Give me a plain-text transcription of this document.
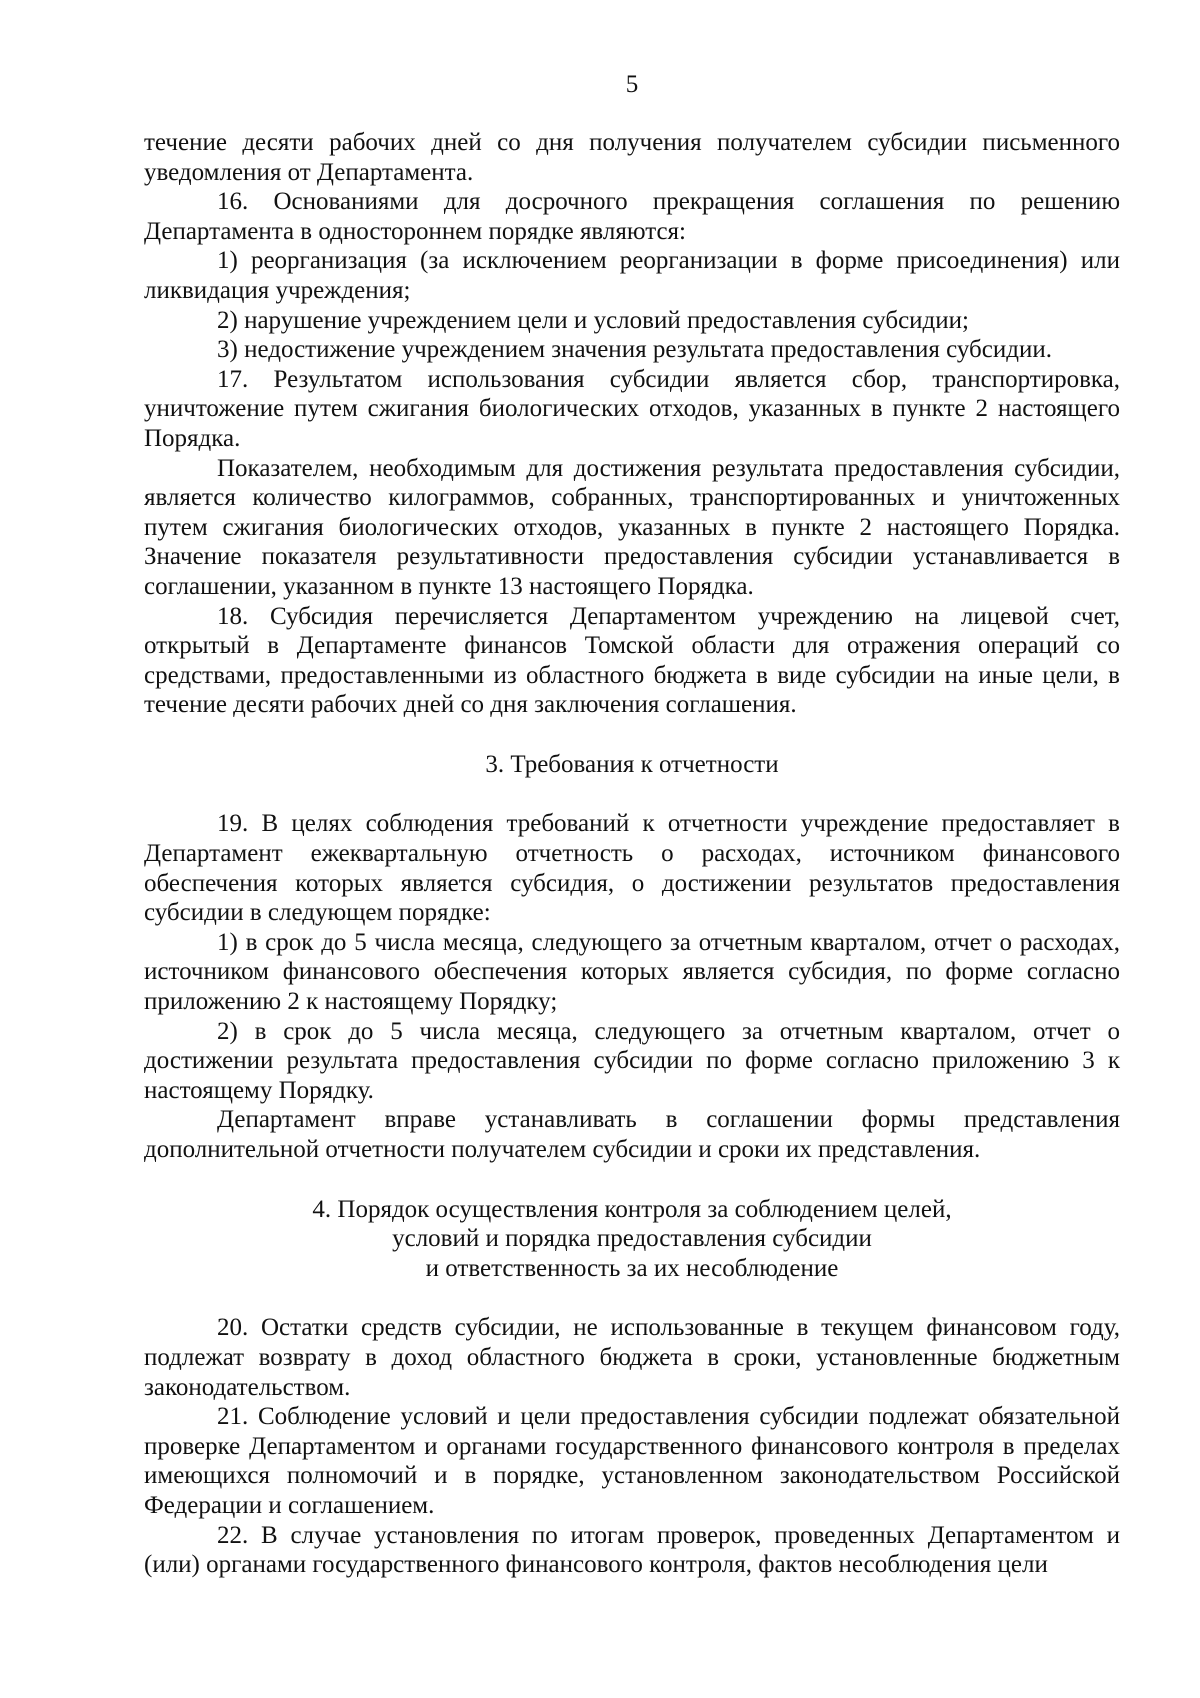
5

течение десяти рабочих дней со дня получения получателем субсидии письменного уведомления от Департамента.

16. Основаниями для досрочного прекращения соглашения по решению Департамента в одностороннем порядке являются:

1) реорганизация (за исключением реорганизации в форме присоединения) или ликвидация учреждения;

2) нарушение учреждением цели и условий предоставления субсидии;

3) недостижение учреждением значения результата предоставления субсидии.

17. Результатом использования субсидии является сбор, транспортировка, уничтожение путем сжигания биологических отходов, указанных в пункте 2 настоящего Порядка.

Показателем, необходимым для достижения результата предоставления субсидии, является количество килограммов, собранных, транспортированных и уничтоженных путем сжигания биологических отходов, указанных в пункте 2 настоящего Порядка. Значение показателя результативности предоставления субсидии устанавливается в соглашении, указанном в пункте 13 настоящего Порядка.

18. Субсидия перечисляется Департаментом учреждению на лицевой счет, открытый в Департаменте финансов Томской области для отражения операций со средствами, предоставленными из областного бюджета в виде субсидии на иные цели, в течение десяти рабочих дней со дня заключения соглашения.

3. Требования к отчетности

19. В целях соблюдения требований к отчетности учреждение предоставляет в Департамент ежеквартальную отчетность о расходах, источником финансового обеспечения которых является субсидия, о достижении результатов предоставления субсидии в следующем порядке:

1) в срок до 5 числа месяца, следующего за отчетным кварталом, отчет о расходах, источником финансового обеспечения которых является субсидия, по форме согласно приложению 2 к настоящему Порядку;

2) в срок до 5 числа месяца, следующего за отчетным кварталом, отчет о достижении результата предоставления субсидии по форме согласно приложению 3 к настоящему Порядку.

Департамент вправе устанавливать в соглашении формы представления дополнительной отчетности получателем субсидии и сроки их представления.

4. Порядок осуществления контроля за соблюдением целей,
условий и порядка предоставления субсидии
и ответственность за их несоблюдение

20. Остатки средств субсидии, не использованные в текущем финансовом году, подлежат возврату в доход областного бюджета в сроки, установленные бюджетным законодательством.

21. Соблюдение условий и цели предоставления субсидии подлежат обязательной проверке Департаментом и органами государственного финансового контроля в пределах имеющихся полномочий и в порядке, установленном законодательством Российской Федерации и соглашением.

22. В случае установления по итогам проверок, проведенных Департаментом и (или) органами государственного финансового контроля, фактов несоблюдения цели
